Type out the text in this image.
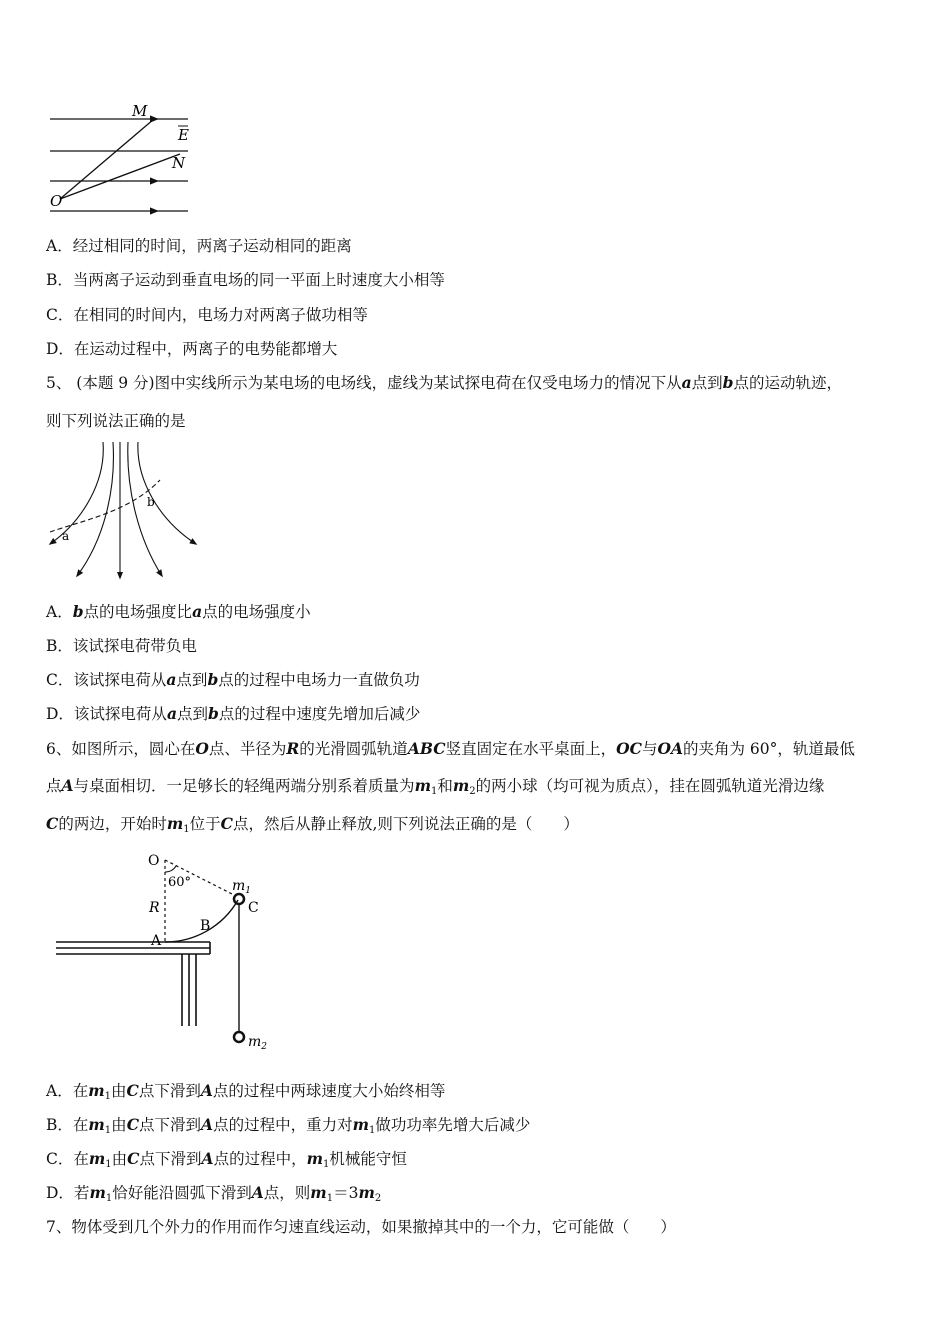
M
E
N
O
A．经过相同的时间，两离子运动相同的距离
B．当两离子运动到垂直电场的同一平面上时速度大小相等
C．在相同的时间内，电场力对两离子做功相等
D．在运动过程中，两离子的电势能都增大
5、 (本题 9 分)图中实线所示为某电场的电场线，虚线为某试探电荷在仅受电场力的情况下从a点到b点的运动轨迹，
则下列说法正确的是
a
b
A．b点的电场强度比a点的电场强度小
B．该试探电荷带负电
C．该试探电荷从a点到b点的过程中电场力一直做负功
D．该试探电荷从a点到b点的过程中速度先增加后减少
6、如图所示，圆心在O点、半径为R的光滑圆弧轨道ABC竖直固定在水平桌面上，OC与OA的夹角为 60°，轨道最低
点A与桌面相切．一足够长的轻绳两端分别系着质量为$m_1$和$m_2$的两小球（均可视为质点），挂在圆弧轨道光滑边缘
C的两边，开始时$m_1$位于C点，然后从静止释放,则下列说法正确的是（　　）
O
60°
R
A
B
C
$m_1$
$m_2$
A．在$m_1$由C点下滑到A点的过程中两球速度大小始终相等
B．在$m_1$由C点下滑到A点的过程中，重力对$m_1$做功功率先增大后减少
C．在$m_1$由C点下滑到A点的过程中，$m_1$机械能守恒
D．若$m_1$恰好能沿圆弧下滑到A点，则$m_1=3m_2$
7、物体受到几个外力的作用而作匀速直线运动，如果撤掉其中的一个力，它可能做（　　）
